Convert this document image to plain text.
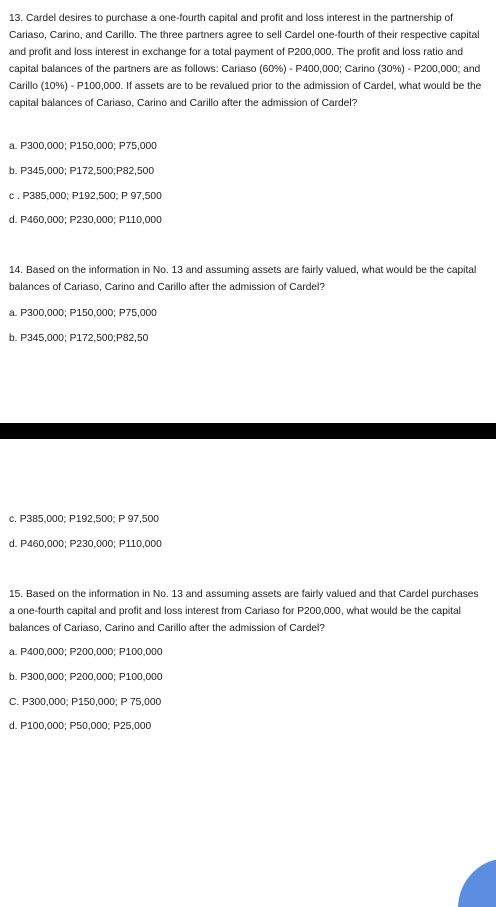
13. Cardel desires to purchase a one-fourth capital and profit and loss interest in the partnership of Cariaso, Carino, and Carillo. The three partners agree to sell Cardel one-fourth of their respective capital and profit and loss interest in exchange for a total payment of P200,000. The profit and loss ratio and capital balances of the partners are as follows: Cariaso (60%) - P400,000; Carino (30%) - P200,000; and Carillo (10%) - P100,000. If assets are to be revalued prior to the admission of Cardel, what would be the capital balances of Cariaso, Carino and Carillo after the admission of Cardel?

a. P300,000; P150,000; P75,000

b. P345,000; P172,500;P82,500

c . P385,000; P192,500; P 97,500

d. P460,000; P230,000; P110,000

14. Based on the information in No. 13 and assuming assets are fairly valued, what would be the capital balances of Cariaso, Carino and Carillo after the admission of Cardel?

a. P300,000; P150,000; P75,000

b. P345,000; P172,500;P82,50

c. P385,000; P192,500; P 97,500

d. P460,000; P230,000; P110,000

15. Based on the information in No. 13 and assuming assets are fairly valued and that Cardel purchases a one-fourth capital and profit and loss interest from Cariaso for P200,000, what would be the capital balances of Cariaso, Carino and Carillo after the admission of Cardel?

a. P400,000; P200,000; P100,000

b. P300,000; P200,000; P100,000

C. P300,000; P150,000; P 75,000

d. P100,000; P50,000; P25,000
